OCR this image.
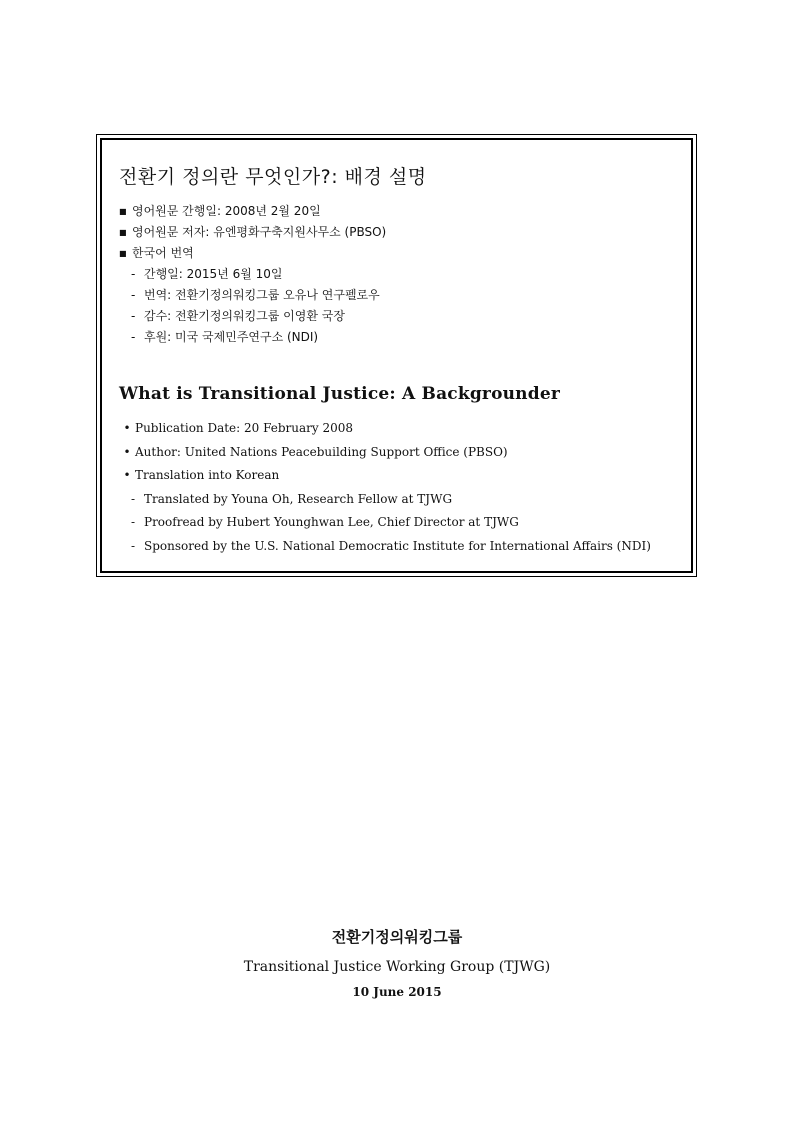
전환기 정의란 무엇인가?: 배경 설명
■ 영어원문 간행일: 2008년 2월 20일
■ 영어원문 저자: 유엔평화구축지원사무소 (PBSO)
■ 한국어 번역
- 간행일: 2015년 6월 10일
- 번역: 전환기정의워킹그룹 오유나 연구펠로우
- 감수: 전환기정의워킹그룹 이영환 국장
- 후원: 미국 국제민주연구소 (NDI)
What is Transitional Justice: A Backgrounder
• Publication Date: 20 February 2008
• Author: United Nations Peacebuilding Support Office (PBSO)
• Translation into Korean
- Translated by Youna Oh, Research Fellow at TJWG
- Proofread by Hubert Younghwan Lee, Chief Director at TJWG
- Sponsored by the U.S. National Democratic Institute for International Affairs (NDI)

전환기정의워킹그룹

Transitional Justice Working Group (TJWG)

10 June 2015
